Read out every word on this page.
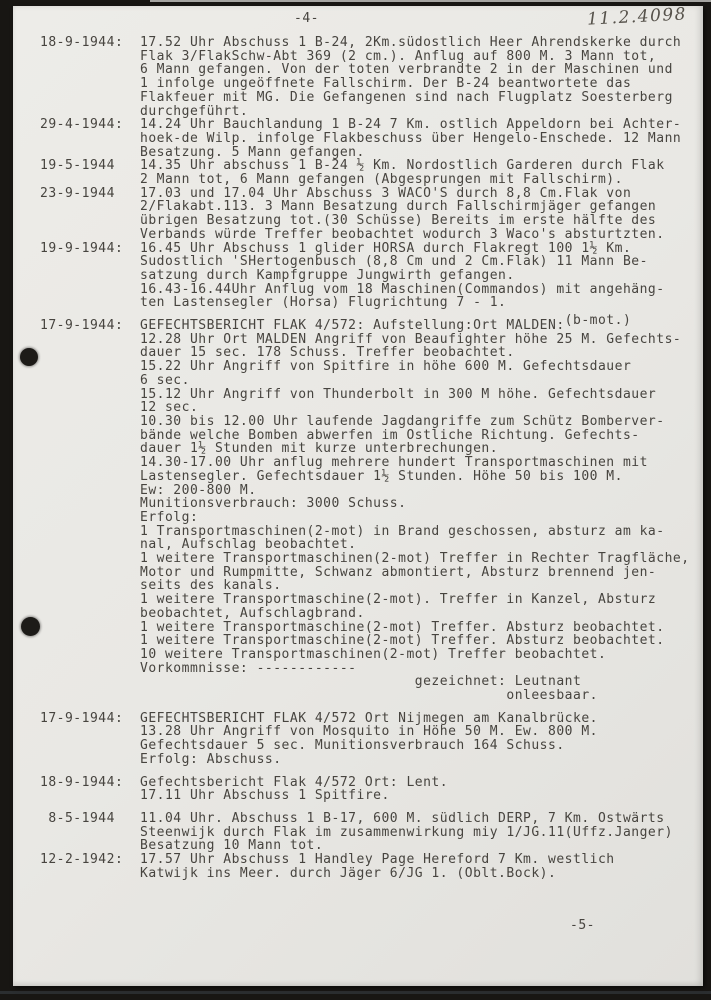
-4-	11.2.4098
18-9-1944:	17.52 Uhr Abschuss 1 B-24, 2Km.südostlich Heer Ahrendskerke durch
Flak 3/FlakSchw-Abt 369 (2 cm.). Anflug auf 800 M. 3 Mann tot,
6 Mann gefangen. Von der toten verbrandte 2 in der Maschinen und
1 infolge ungeöffnete Fallschirm. Der B-24 beantwortete das
Flakfeuer mit MG. Die Gefangenen sind nach Flugplatz Soesterberg
durchgeführt.
29-4-1944:	14.24 Uhr Bauchlandung 1 B-24 7 Km. ostlich Appeldorn bei Achter-
hoek-de Wilp. infolge Flakbeschuss über Hengelo-Enschede. 12 Mann
Besatzung. 5 Mann gefangen.
19-5-1944	14.35 Uhr abschuss 1 B-24 ½ Km. Nordostlich Garderen durch Flak
2 Mann tot, 6 Mann gefangen (Abgesprungen mit Fallschirm).
23-9-1944	17.03 und 17.04 Uhr Abschuss 3 WACO'S durch 8,8 Cm.Flak von
2/Flakabt.113. 3 Mann Besatzung durch Fallschirmjäger gefangen
übrigen Besatzung tot.(30 Schüsse) Bereits im erste hälfte des
Verbands würde Treffer beobachtet wodurch 3 Waco's absturtzten.
19-9-1944:	16.45 Uhr Abschuss 1 glider HORSA durch Flakregt 100 1½ Km.
Sudostlich 'SHertogenbusch (8,8 Cm und 2 Cm.Flak) 11 Mann Be-
satzung durch Kampfgruppe Jungwirth gefangen.
16.43-16.44Uhr Anflug vom 18 Maschinen(Commandos) mit angehäng-
ten Lastensegler (Horsa) Flugrichtung 7 - 1.
17-9-1944:	GEFECHTSBERICHT FLAK 4/572: Aufstellung:Ort MALDEN:(b-mot.)
12.28 Uhr Ort MALDEN Angriff von Beaufighter höhe 25 M. Gefechts-
dauer 15 sec. 178 Schuss. Treffer beobachtet.
15.22 Uhr Angriff von Spitfire in höhe 600 M. Gefechtsdauer
6 sec.
15.12 Uhr Angriff von Thunderbolt in 300 M höhe. Gefechtsdauer
12 sec.
10.30 bis 12.00 Uhr laufende Jagdangriffe zum Schütz Bomberver-
bände welche Bomben abwerfen im Ostliche Richtung. Gefechts-
dauer 1½ Stunden mit kurze unterbrechungen.
14.30-17.00 Uhr anflug mehrere hundert Transportmaschinen mit
Lastensegler. Gefechtsdauer 1½ Stunden. Höhe 50 bis 100 M.
Ew: 200-800 M.
Munitionsverbrauch: 3000 Schuss.
Erfolg:
1 Transportmaschinen(2-mot) in Brand geschossen, absturz am ka-
nal, Aufschlag beobachtet.
1 weitere Transportmaschinen(2-mot) Treffer in Rechter Tragfläche,
Motor und Rumpmitte, Schwanz abmontiert, Absturz brennend jen-
seits des kanals.
1 weitere Transportmaschine(2-mot). Treffer in Kanzel, Absturz
beobachtet, Aufschlagbrand.
1 weitere Transportmaschine(2-mot) Treffer. Absturz beobachtet.
1 weitere Transportmaschine(2-mot) Treffer. Absturz beobachtet.
10 weitere Transportmaschinen(2-mot) Treffer beobachtet.
Vorkommnisse: ------------
gezeichnet: Leutnant
onleesbaar.
17-9-1944:	GEFECHTSBERICHT FLAK 4/572 Ort Nijmegen am Kanalbrücke.
13.28 Uhr Angriff von Mosquito in Höhe 50 M. Ew. 800 M.
Gefechtsdauer 5 sec. Munitionsverbrauch 164 Schuss.
Erfolg: Abschuss.
18-9-1944:	Gefechtsbericht Flak 4/572 Ort: Lent.
17.11 Uhr Abschuss 1 Spitfire.
8-5-1944	11.04 Uhr. Abschuss 1 B-17, 600 M. südlich DERP, 7 Km. Ostwärts
Steenwijk durch Flak im zusammenwirkung miy 1/JG.11(Uffz.Janger)
Besatzung 10 Mann tot.
12-2-1942:	17.57 Uhr Abschuss 1 Handley Page Hereford 7 Km. westlich
Katwijk ins Meer. durch Jäger 6/JG 1. (Oblt.Bock).
-5-
